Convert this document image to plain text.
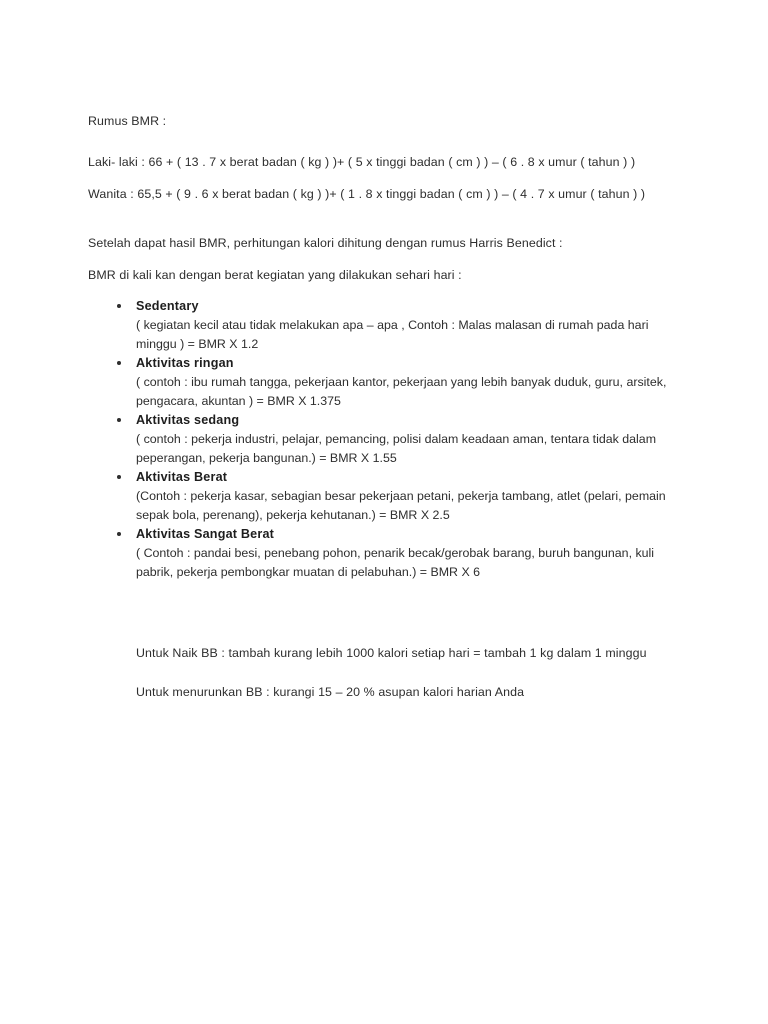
Rumus BMR :

Laki- laki : 66 + ( 13 . 7 x berat badan ( kg ) )+ ( 5 x tinggi badan ( cm ) ) – ( 6 . 8 x umur ( tahun ) )

Wanita : 65,5 + ( 9 . 6 x berat badan ( kg ) )+ ( 1 . 8 x tinggi badan ( cm ) ) – ( 4 . 7 x umur ( tahun ) )

Setelah dapat hasil BMR, perhitungan kalori dihitung dengan rumus Harris Benedict :

BMR di kali kan dengan berat kegiatan yang dilakukan sehari hari :

Sedentary
( kegiatan kecil atau tidak melakukan apa – apa , Contoh : Malas malasan di rumah pada hari minggu ) = BMR X 1.2
Aktivitas ringan
( contoh : ibu rumah tangga, pekerjaan kantor, pekerjaan yang lebih banyak duduk, guru, arsitek, pengacara, akuntan ) = BMR X 1.375
Aktivitas sedang
( contoh : pekerja industri, pelajar, pemancing, polisi dalam keadaan aman, tentara tidak dalam peperangan, pekerja bangunan.) = BMR X 1.55
Aktivitas Berat
(Contoh : pekerja kasar, sebagian besar pekerjaan petani, pekerja tambang, atlet (pelari, pemain sepak bola, perenang), pekerja kehutanan.) = BMR X 2.5
Aktivitas Sangat Berat
( Contoh : pandai besi, penebang pohon, penarik becak/gerobak barang, buruh bangunan, kuli pabrik, pekerja pembongkar muatan di pelabuhan.) = BMR X 6

Untuk Naik BB : tambah kurang lebih 1000 kalori setiap hari = tambah 1 kg dalam 1 minggu

Untuk menurunkan BB : kurangi 15 – 20 % asupan kalori harian Anda
